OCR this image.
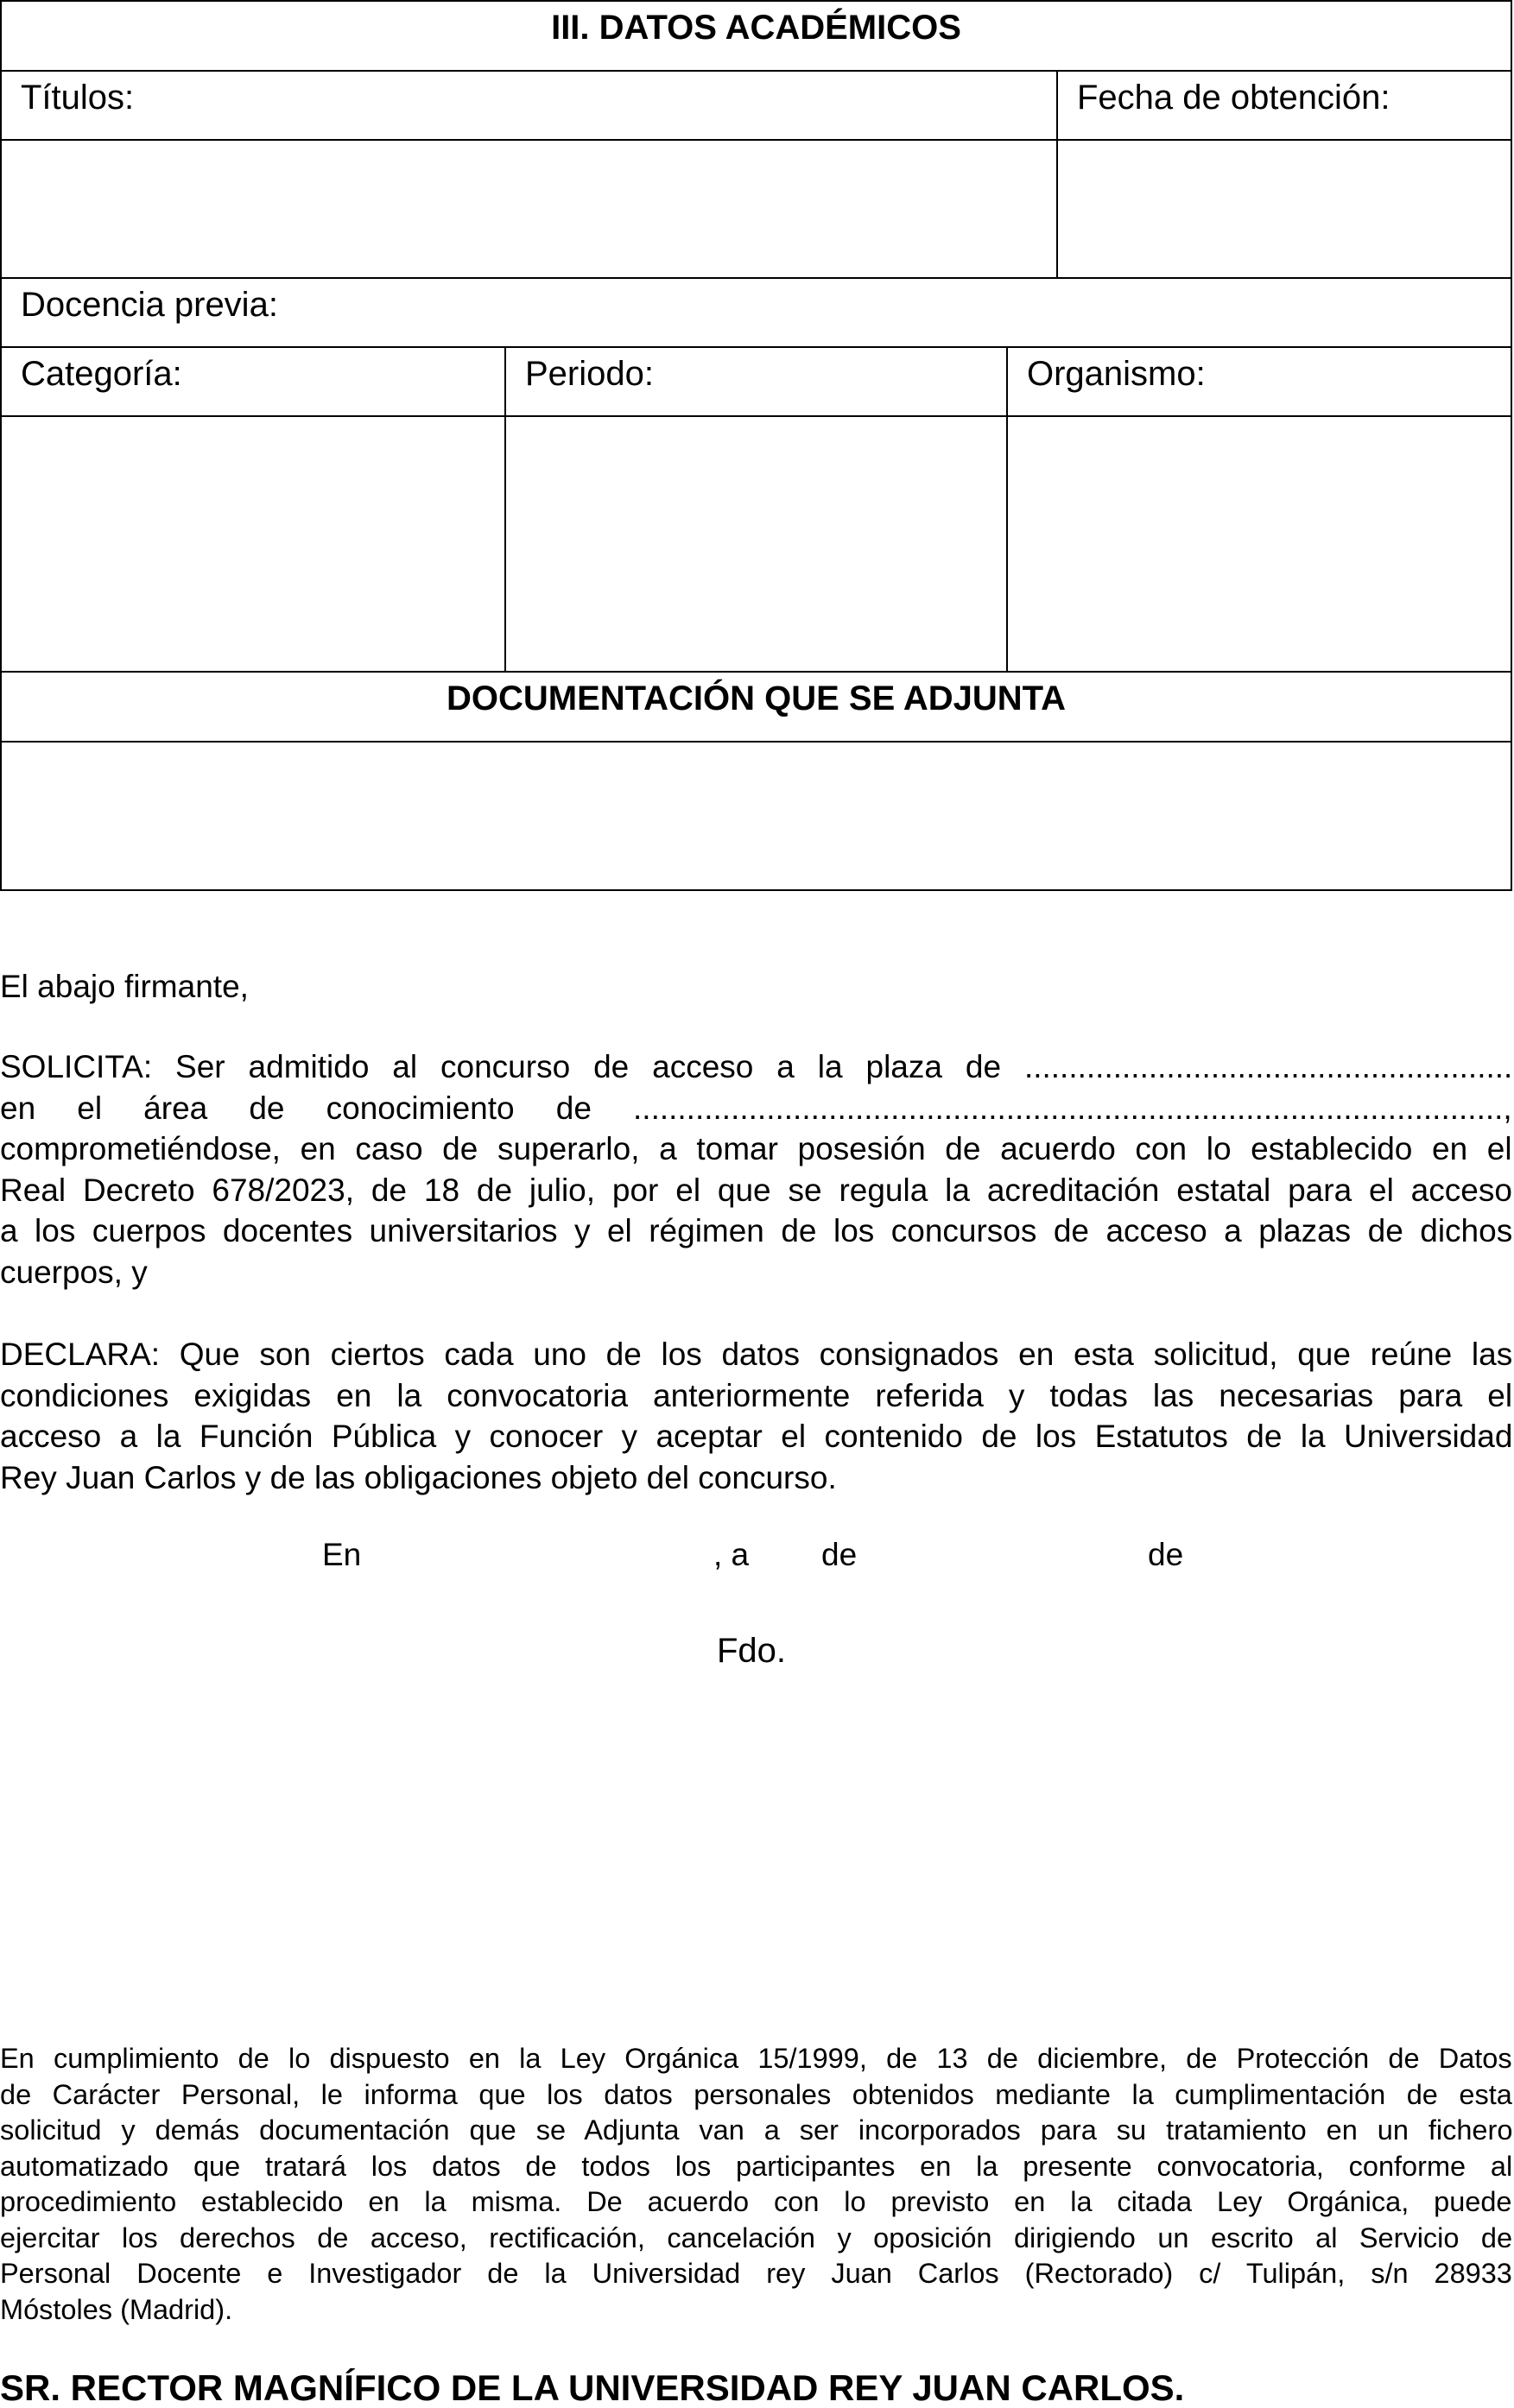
III. DATOS ACADÉMICOS
Títulos:	Fecha de obtención:
Docencia previa:
Categoría:	Periodo:	Organismo:
DOCUMENTACIÓN QUE SE ADJUNTA
El abajo firmante,
SOLICITA: Ser admitido al concurso de acceso a la plaza de .......................................................
en el área de conocimiento de ..................................................................................................,
comprometiéndose, en caso de superarlo, a tomar posesión de acuerdo con lo establecido en el
Real Decreto 678/2023, de 18 de julio, por el que se regula la acreditación estatal para el acceso
a los cuerpos docentes universitarios y el régimen de los concursos de acceso a plazas de dichos
cuerpos, y
DECLARA: Que son ciertos cada uno de los datos consignados en esta solicitud, que reúne las
condiciones exigidas en la convocatoria anteriormente referida y todas las necesarias para el
acceso a la Función Pública y conocer y aceptar el contenido de los Estatutos de la Universidad
Rey Juan Carlos y de las obligaciones objeto del concurso.
En	, a de	de
Fdo.
En cumplimiento de lo dispuesto en la Ley Orgánica 15/1999, de 13 de diciembre, de Protección de Datos
de Carácter Personal, le informa que los datos personales obtenidos mediante la cumplimentación de esta
solicitud y demás documentación que se Adjunta van a ser incorporados para su tratamiento en un fichero
automatizado que tratará los datos de todos los participantes en la presente convocatoria, conforme al
procedimiento establecido en la misma. De acuerdo con lo previsto en la citada Ley Orgánica, puede
ejercitar los derechos de acceso, rectificación, cancelación y oposición dirigiendo un escrito al Servicio de
Personal Docente e Investigador de la Universidad rey Juan Carlos (Rectorado) c/ Tulipán, s/n 28933
Móstoles (Madrid).
SR. RECTOR MAGNÍFICO DE LA UNIVERSIDAD REY JUAN CARLOS.
